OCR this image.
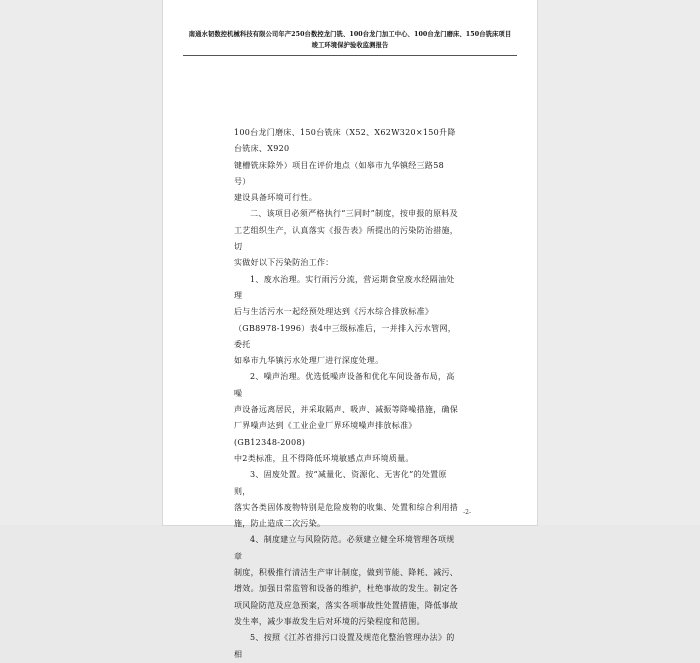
南通水韧数控机械科技有限公司年产250台数控龙门铣、100台龙门加工中心、100台龙门磨床、150台铣床项目
竣工环境保护验收监测报告

100台龙门磨床、150台铣床（X52、X62W320×150升降台铣床、X920
键槽铣床除外）项目在评价地点（如皋市九华镇经三路58号）
建设具备环境可行性。

二、该项目必须严格执行“三同时”制度，按申报的原料及
工艺组织生产，认真落实《报告表》所提出的污染防治措施，切
实做好以下污染防治工作：

1、废水治理。实行雨污分流，营运期食堂废水经隔油处理
后与生活污水一起经预处理达到《污水综合排放标准》
（GB8978-1996）表4中三级标准后，一并排入污水管网，委托
如皋市九华镇污水处理厂进行深度处理。

2、噪声治理。优选低噪声设备和优化车间设备布局，高噪
声设备远离居民，并采取隔声、吸声、减振等降噪措施，确保
厂界噪声达到《工业企业厂界环境噪声排放标准》(GB12348-2008)
中2类标准，且不得降低环境敏感点声环境质量。

3、固废处置。按“减量化、资源化、无害化”的处置原则，
落实各类固体废物特别是危险废物的收集、处置和综合利用措
施，防止造成二次污染。

4、制度建立与风险防范。必须建立健全环境管理各项规章
制度，积极推行清洁生产审计制度，做到节能、降耗、减污、
增效。加强日常监管和设备的维护，杜绝事故的发生。制定各
项风险防范及应急预案，落实各项事故性处置措施，降低事故
发生率，减少事故发生后对环境的污染程度和范围。

5、按照《江苏省排污口设置及规范化整治管理办法》的相

-2-
